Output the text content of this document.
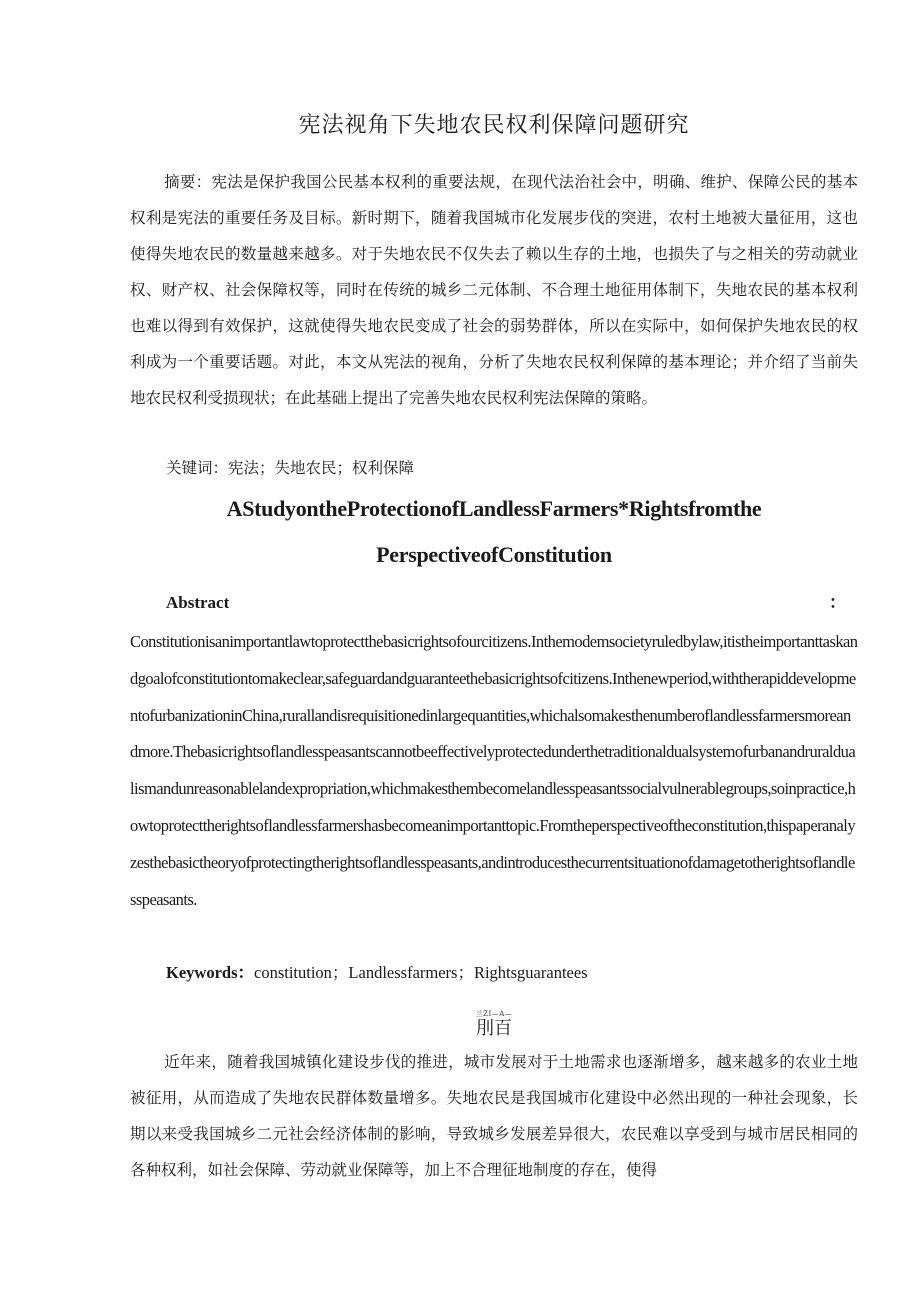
宪法视角下失地农民权利保障问题研究
摘要：宪法是保护我国公民基本权利的重要法规，在现代法治社会中，明确、维护、保障公民的基本权利是宪法的重要任务及目标。新时期下，随着我国城市化发展步伐的突进，农村土地被大量征用，这也使得失地农民的数量越来越多。对于失地农民不仅失去了赖以生存的土地，也损失了与之相关的劳动就业权、财产权、社会保障权等，同时在传统的城乡二元体制、不合理土地征用体制下，失地农民的基本权利也难以得到有效保护，这就使得失地农民变成了社会的弱势群体，所以在实际中，如何保护失地农民的权利成为一个重要话题。对此，本文从宪法的视角，分析了失地农民权利保障的基本理论；并介绍了当前失地农民权利受损现状；在此基础上提出了完善失地农民权利宪法保障的策略。
关键词：宪法；失地农民；权利保障
AStudyontheProtectionofLandlessFarmers*Rightsfromthe
PerspectiveofConstitution
Abstract	：
Constitutionisanimportantlawtoprotectthebasicrightsofourcitizens.Inthemodemsocietyruledbylaw,itistheimportanttaskandgoalofconstitutiontomakeclear,safeguardandguaranteethebasicrightsofcitizens.Inthenewperiod,withtherapiddevelopmentofurbanizationinChina,rurallandisrequisitionedinlargequantities,whichalsomakesthenumberoflandlessfarmersmoreandmore.Thebasicrightsoflandlesspeasantscannotbeeffectivelyprotectedunderthetraditionaldualsystemofurbanandruraldualismandunreasonablelandexpropriation,whichmakesthembecomelandlesspeasantssocialvulnerablegroups,soinpractice,howtoprotecttherightsoflandlessfarmershasbecomeanimportanttopic.Fromtheperspectiveoftheconstitution,thispaperanalyzesthebasictheoryofprotectingtherightsoflandlesspeasants,andintroducesthecurrentsituationofdamagetotherightsoflandlesspeasants.
Keywords：constitution；Landlessfarmers；Rightsguarantees
兰ZI—A—
刖百
近年来，随着我国城镇化建设步伐的推进，城市发展对于土地需求也逐渐增多，越来越多的农业土地被征用，从而造成了失地农民群体数量增多。失地农民是我国城市化建设中必然出现的一种社会现象，长期以来受我国城乡二元社会经济体制的影响，导致城乡发展差异很大，农民难以享受到与城市居民相同的各种权利，如社会保障、劳动就业保障等，加上不合理征地制度的存在，使得
